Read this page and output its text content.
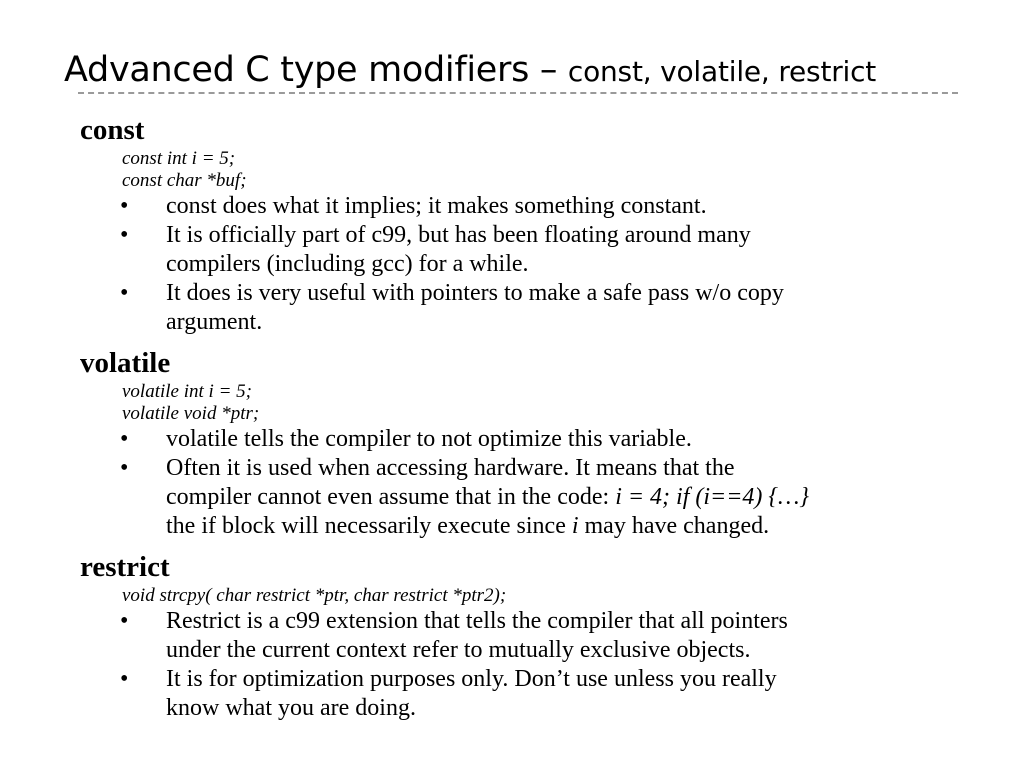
Advanced C type modifiers – const, volatile, restrict
const
const int i = 5;
const char *buf;
• const does what it implies; it makes something constant.
• It is officially part of c99, but has been floating around many
compilers (including gcc) for a while.
• It does is very useful with pointers to make a safe pass w/o copy
argument.
volatile
volatile int i = 5;
volatile void *ptr;
• volatile tells the compiler to not optimize this variable.
• Often it is used when accessing hardware. It means that the
compiler cannot even assume that in the code: i = 4; if (i==4) {…}
the if block will necessarily execute since i may have changed.
restrict
void strcpy( char restrict *ptr, char restrict *ptr2);
• Restrict is a c99 extension that tells the compiler that all pointers
under the current context refer to mutually exclusive objects.
• It is for optimization purposes only. Don’t use unless you really
know what you are doing.
